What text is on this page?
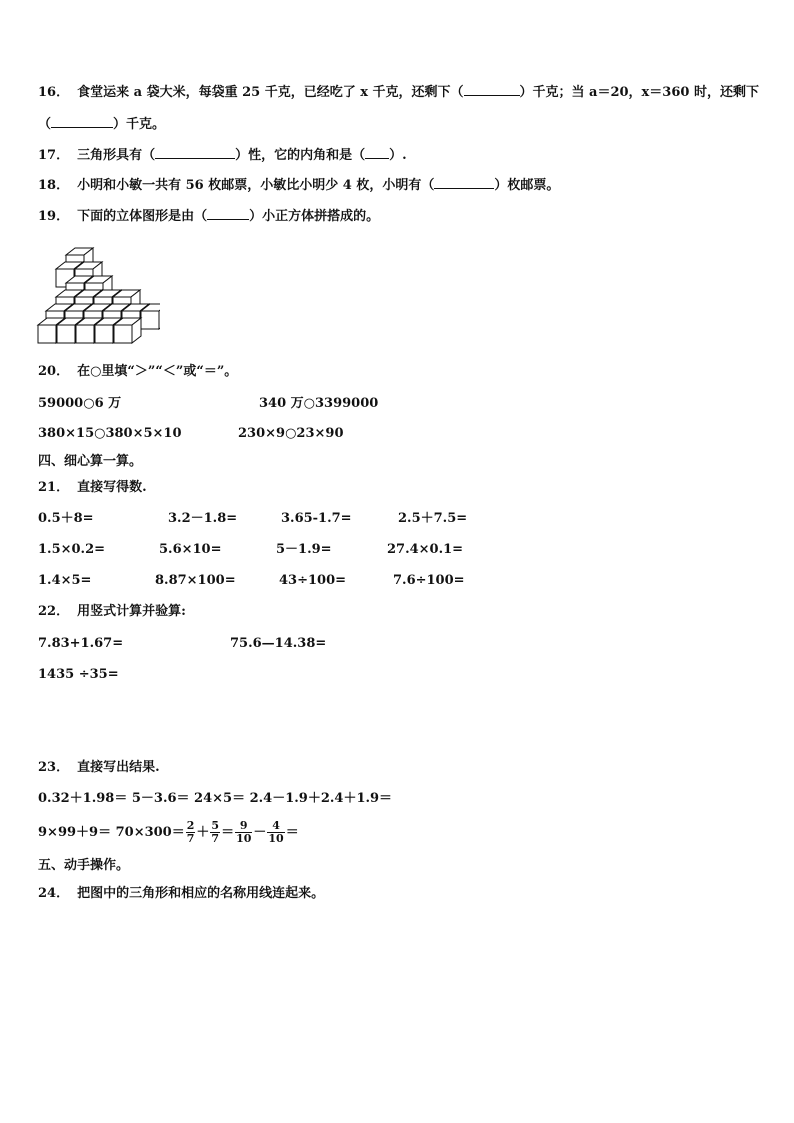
16． 食堂运来 a 袋大米，每袋重 25 千克，已经吃了 x 千克，还剩下（	）千克；当 a＝20，x＝360 时，还剩下
（	）千克。
17． 三角形具有（	）性，它的内角和是（ ）.
18． 小明和小敏一共有 56 枚邮票，小敏比小明少 4 枚，小明有（	）枚邮票。
19． 下面的立体图形是由（	）小正方体拼搭成的。
20． 在○里填“＞”“＜”或“＝”。
59000○6 万	340 万○3399000
380×15○380×5×10	230×9○23×90
四、细心算一算。
21． 直接写得数.
0.5＋8=	3.2－1.8=	3.65-1.7=	2.5＋7.5=
1.5×0.2=	5.6×10=	5－1.9=	27.4×0.1=
1.4×5=	8.87×100=	43÷100=	7.6÷100=
22． 用竖式计算并验算:
7.83+1.67=	75.6—14.38=
1435 ÷35=
23． 直接写出结果.
0.32＋1.98＝ 5－3.6＝ 24×5＝ 2.4－1.9＋2.4＋1.9＝
$9\times 99+9= 70\times 300= \frac{2}{7} + \frac{5}{7} = \frac{9}{10} - \frac{4}{10}$ ＝
五、动手操作。
24． 把图中的三角形和相应的名称用线连起来。
